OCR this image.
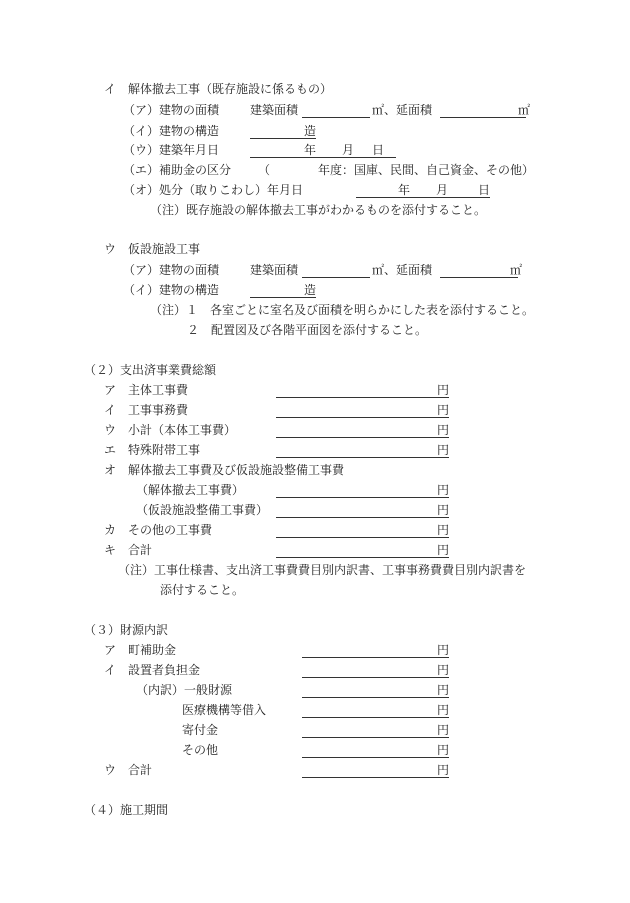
イ　解体撤去工事（既存施設に係るもの）
（ア）建物の面積	建築面積	㎡ 、延面積	㎡
（イ）建物の構造	造
（ウ）建築年月日	年 月 日
（エ）補助金の区分 （	年度：国庫、民間、自己資金、その他）
（オ）処分（取りこわし）年月日	年 月 日
（注）既存施設の解体撤去工事がわかるものを添付すること。
ウ　仮設施設工事
（ア）建物の面積	建築面積	㎡ 、延面積	㎡
（イ）建物の構造	造
（注）１　各室ごとに室名及び面積を明らかにした表を添付すること。
２　配置図及び各階平面図を添付すること。
（２）支出済事業費総額
ア　主体工事費	円
イ　工事事務費	円
ウ　小計（本体工事費）	円
エ　特殊附帯工事	円
オ　解体撤去工事費及び仮設施設整備工事費
（解体撤去工事費）	円
（仮設施設整備工事費）	円
カ　その他の工事費	円
キ　合計	円
（注）工事仕様書、支出済工事費費目別内訳書、工事事務費費目別内訳書を
添付すること。
（３）財源内訳
ア　町補助金	円
イ　設置者負担金	円
（内訳）一般財源	円
医療機構等借入	円
寄付金	円
その他	円
ウ　合計	円
（４）施工期間
